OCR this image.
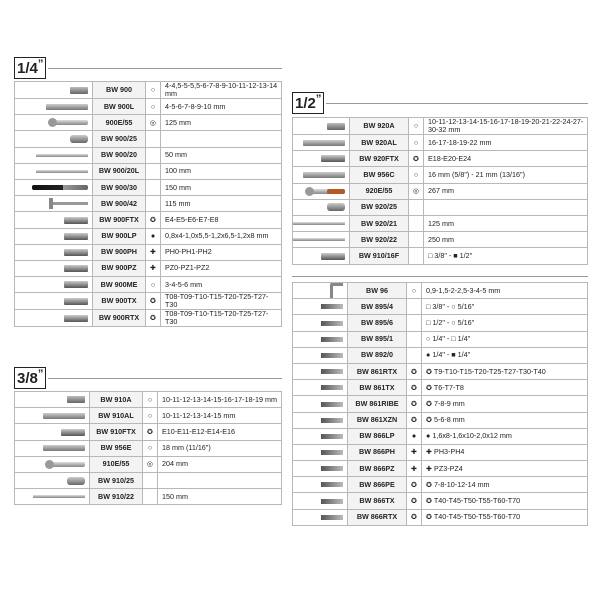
1/4”
	BW 900	○	4-4,5-5-5,5-6-7-8-9-10-11-12-13-14 mm
	BW 900L	○	4-5-6-7-8-9-10 mm
	900E/55	◎	125 mm
	BW 900/25		
	BW 900/20		50 mm
	BW 900/20L		100 mm
	BW 900/30		150 mm
	BW 900/42		115 mm
	BW 900FTX	✪	E4-E5-E6-E7-E8
	BW 900LP	●	0,8x4-1,0x5,5-1,2x6,5-1,2x8 mm
	BW 900PH	✚	PH0-PH1-PH2
	BW 900PZ	✚	PZ0-PZ1-PZ2
	BW 900ME	○	3-4-5-6 mm
	BW 900TX	✪	T08-T09-T10-T15-T20-T25-T27-T30
	BW 900RTX	✪	T08-T09-T10-T15-T20-T25-T27-T30
3/8”
	BW 910A	○	10-11-12-13-14-15-16-17-18-19 mm
	BW 910AL	○	10-11-12-13-14-15 mm
	BW 910FTX	✪	E10-E11-E12-E14-E16
	BW 956E	○	18 mm (11/16")
	910E/55	◎	204 mm
	BW 910/25		
	BW 910/22		150 mm
1/2”
	BW 920A	○	10-11-12-13-14-15-16-17-18-19-20-21-22-24-27-30-32 mm
	BW 920AL	○	16-17-18-19-22 mm
	BW 920FTX	✪	E18-E20-E24
	BW 956C	○	16 mm (5/8") - 21 mm (13/16")
	920E/55	◎	267 mm
	BW 920/25		
	BW 920/21		125 mm
	BW 920/22		250 mm
	BW 910/16F		□ 3/8" - ■ 1/2"
	BW 96	○	0,9-1,5-2-2,5-3-4-5 mm
	BW 895/4		□ 3/8" - ○ 5/16"
	BW 895/6		□ 1/2" - ○ 5/16"
	BW 895/1		○ 1/4" - □ 1/4"
	BW 892/0		● 1/4" - ■ 1/4"
	BW 861RTX	✪	✪ T9-T10-T15-T20-T25-T27-T30-T40
	BW 861TX	✪	✪ T6-T7-T8
	BW 861RIBE	✪	✪ 7-8-9 mm
	BW 861XZN	✪	✪ 5-6-8 mm
	BW 866LP	●	● 1,6x8-1,6x10-2,0x12 mm
	BW 866PH	✚	✚ PH3-PH4
	BW 866PZ	✚	✚ PZ3-PZ4
	BW 866PE	✪	✪ 7-8-10-12-14 mm
	BW 866TX	✪	✪ T40-T45-T50-T55-T60-T70
	BW 866RTX	✪	✪ T40-T45-T50-T55-T60-T70
